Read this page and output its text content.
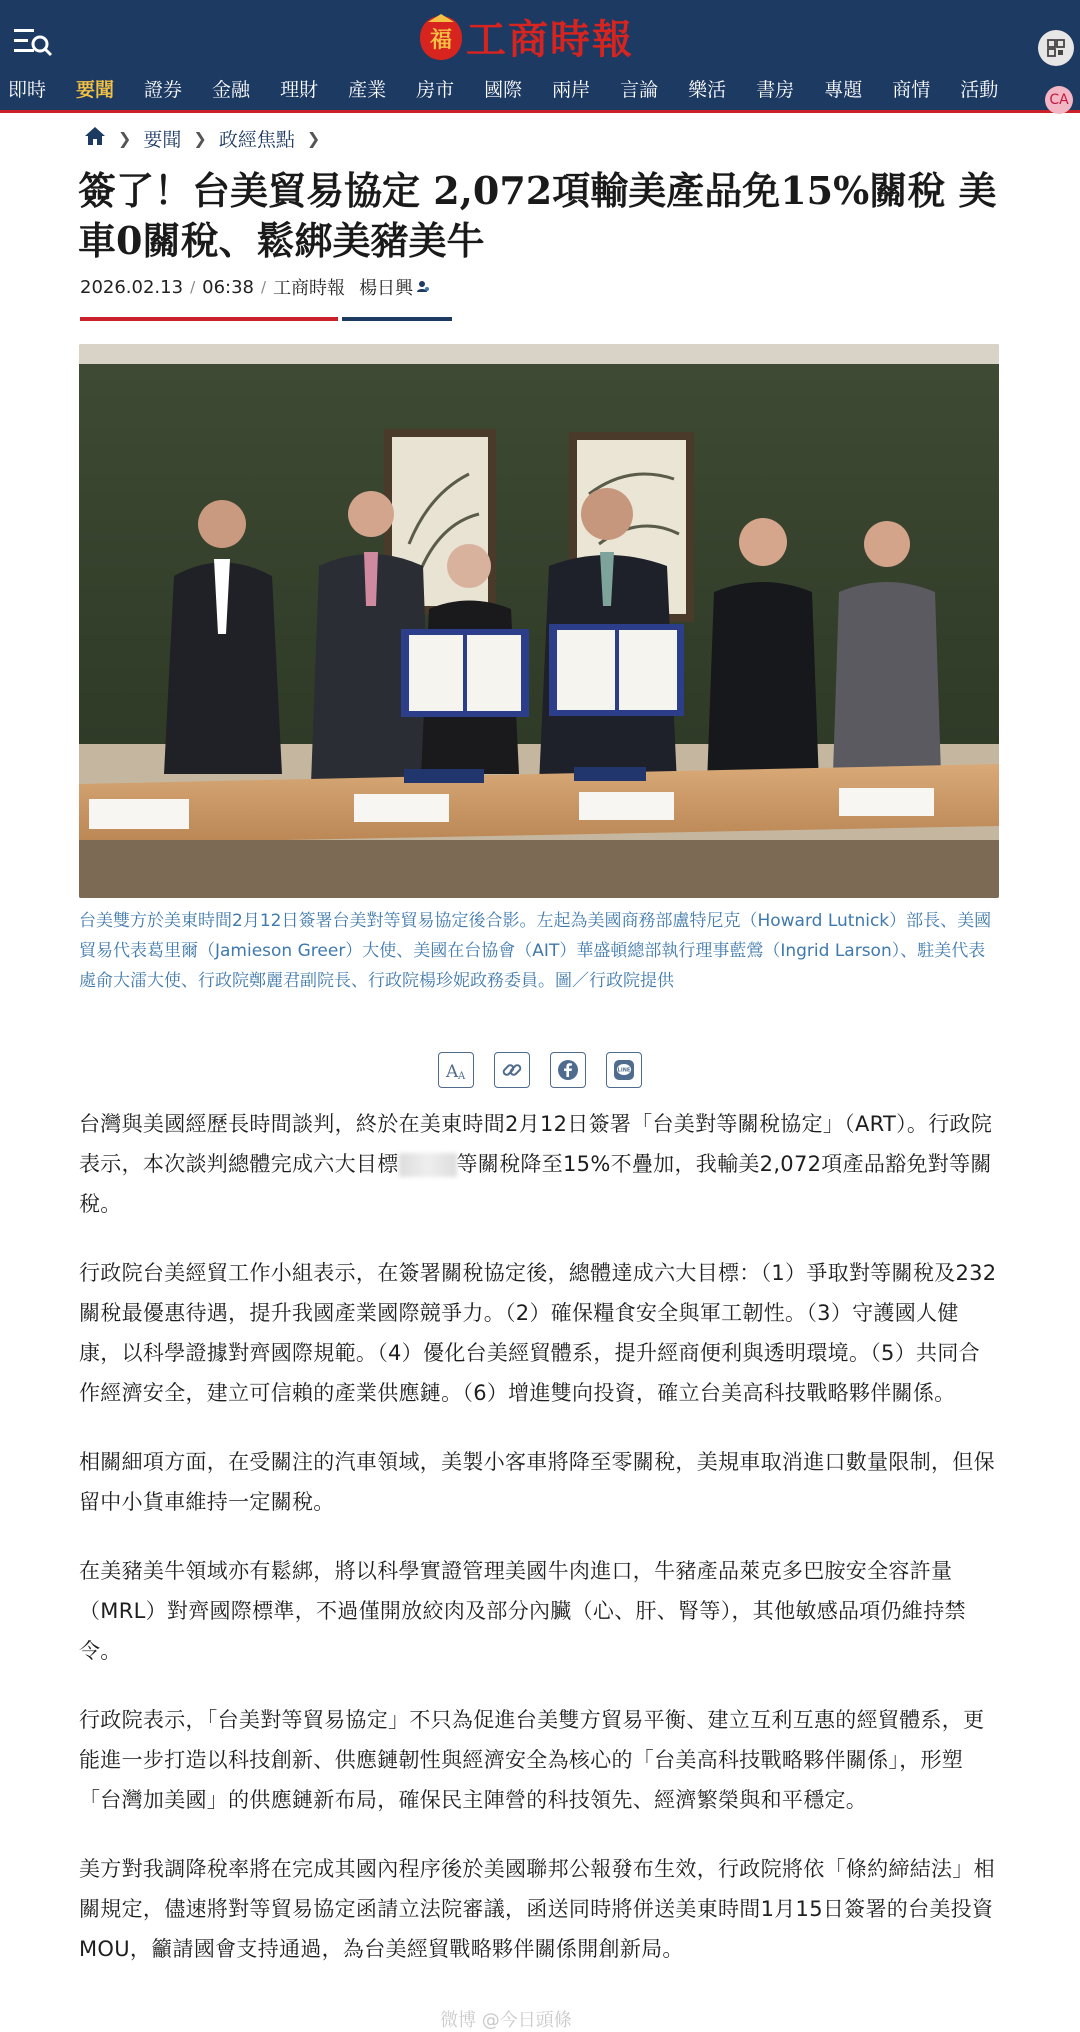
福 工商時報
即時 要聞 證券 金融 理財 產業 房市 國際 兩岸 言論 樂活 書房 專題 商情 活動	CA
❯ 要聞 ❯ 政經焦點 ❯
簽了！台美貿易協定 2,072項輸美產品免15%關稅 美車0關稅、鬆綁美豬美牛
2026.02.13 / 06:38 / 工商時報 楊日興

台美雙方於美東時間2月12日簽署台美對等貿易協定後合影。左起為美國商務部盧特尼克（Howard Lutnick）部長、美國貿易代表葛里爾（Jamieson Greer）大使、美國在台協會（AIT）華盛頓總部執行理事藍鶯（Ingrid Larson）、駐美代表處俞大㵢大使、行政院鄭麗君副院長、行政院楊珍妮政務委員。圖／行政院提供

A A
LINE

台灣與美國經歷長時間談判，終於在美東時間2月12日簽署「台美對等關稅協定」（ART）。行政院表示，本次談判總體完成六大目標	等關稅降至15%不疊加，我輸美2,072項產品豁免對等關稅。

行政院台美經貿工作小組表示，在簽署關稅協定後，總體達成六大目標：（1）爭取對等關稅及232關稅最優惠待遇，提升我國產業國際競爭力。（2）確保糧食安全與軍工韌性。（3）守護國人健康，以科學證據對齊國際規範。（4）優化台美經貿體系，提升經商便利與透明環境。（5）共同合作經濟安全，建立可信賴的產業供應鏈。（6）增進雙向投資，確立台美高科技戰略夥伴關係。

相關細項方面，在受關注的汽車領域，美製小客車將降至零關稅，美規車取消進口數量限制，但保留中小貨車維持一定關稅。

在美豬美牛領域亦有鬆綁，將以科學實證管理美國牛肉進口，牛豬產品萊克多巴胺安全容許量（MRL）對齊國際標準，不過僅開放絞肉及部分內臟（心、肝、腎等），其他敏感品項仍維持禁令。

行政院表示，「台美對等貿易協定」不只為促進台美雙方貿易平衡、建立互利互惠的經貿體系，更能進一步打造以科技創新、供應鏈韌性與經濟安全為核心的「台美高科技戰略夥伴關係」，形塑「台灣加美國」的供應鏈新布局，確保民主陣營的科技領先、經濟繁榮與和平穩定。

美方對我調降稅率將在完成其國內程序後於美國聯邦公報發布生效，行政院將依「條約締結法」相關規定，儘速將對等貿易協定函請立法院審議，函送同時將併送美東時間1月15日簽署的台美投資 MOU，籲請國會支持通過，為台美經貿戰略夥伴關係開創新局。

微博 @今日頭條
